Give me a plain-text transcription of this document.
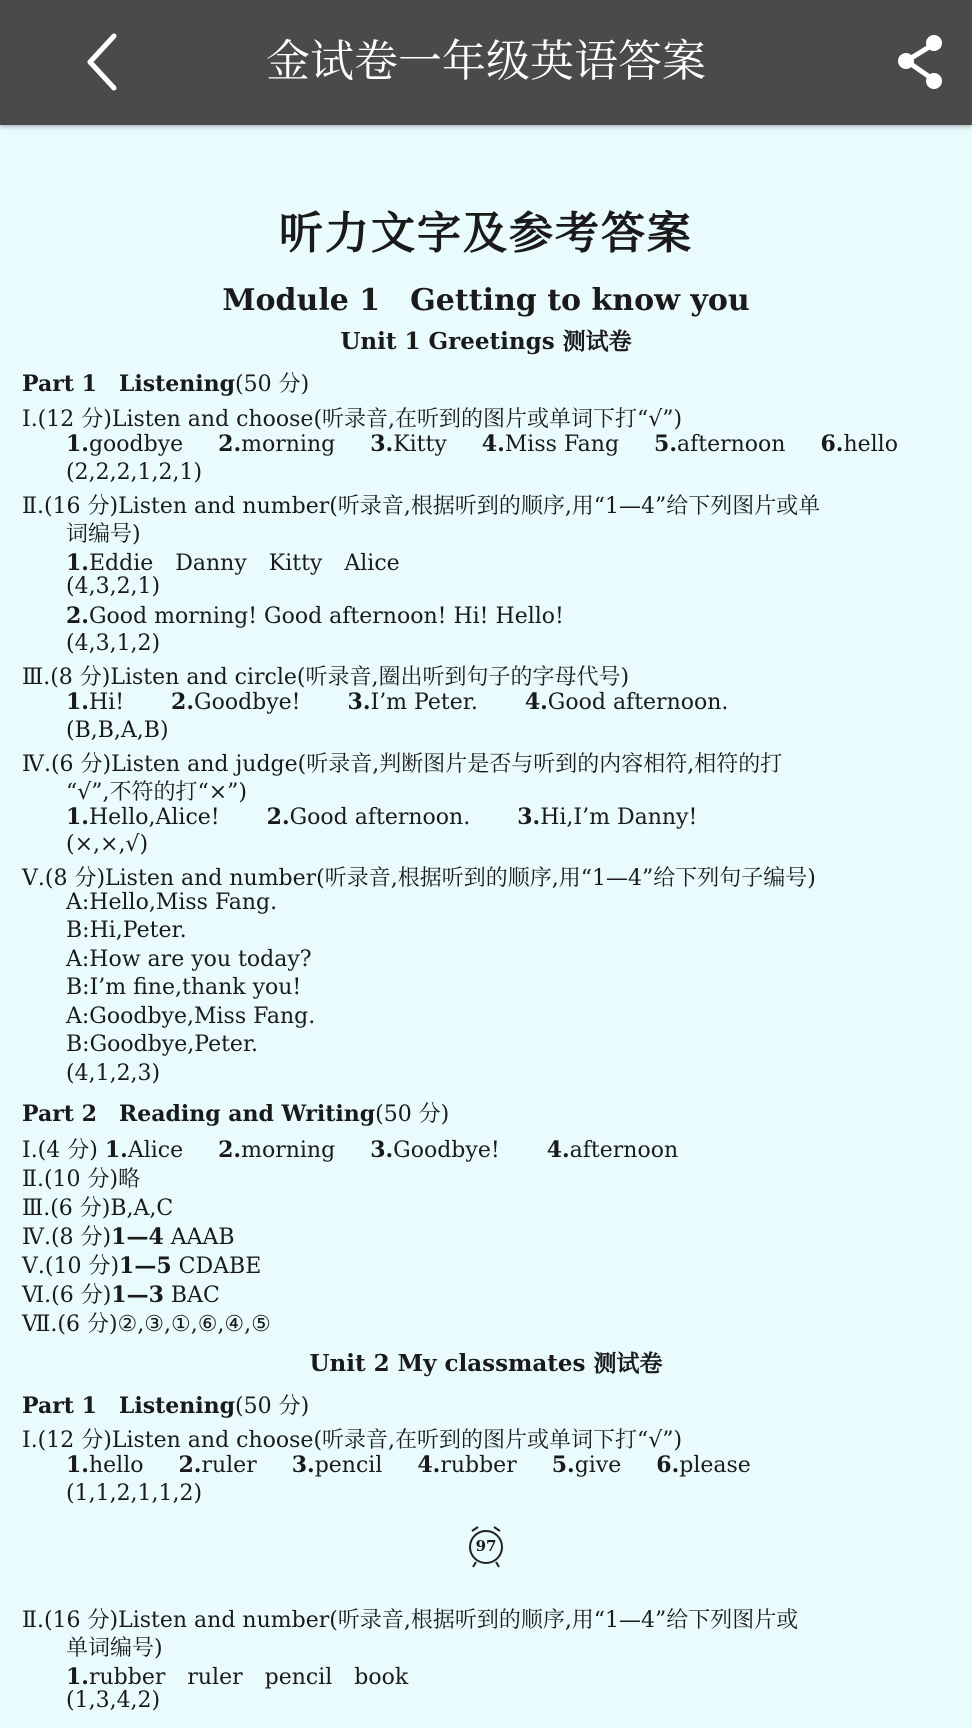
金试卷一年级英语答案
听力文字及参考答案
Module 1　Getting to know you
Unit 1 Greetings 测试卷
Part 1　Listening(50 分)
Ⅰ.(12 分)Listen and choose(听录音,在听到的图片或单词下打“√”)
1.goodbye 2.morning 3.Kitty 4.Miss Fang 5.afternoon 6.hello
(2,2,2,1,2,1)
Ⅱ.(16 分)Listen and number(听录音,根据听到的顺序,用“1—4”给下列图片或单
词编号)
1.Eddie　Danny　Kitty　Alice
(4,3,2,1)
2.Good morning! Good afternoon! Hi! Hello!
(4,3,1,2)
Ⅲ.(8 分)Listen and circle(听录音,圈出听到句子的字母代号)
1.Hi! 2.Goodbye! 3.I’m Peter. 4.Good afternoon.
(B,B,A,B)
Ⅳ.(6 分)Listen and judge(听录音,判断图片是否与听到的内容相符,相符的打
“√”,不符的打“×”)
1.Hello,Alice! 2.Good afternoon. 3.Hi,I’m Danny!
(×,×,√)
Ⅴ.(8 分)Listen and number(听录音,根据听到的顺序,用“1—4”给下列句子编号)
A:Hello,Miss Fang.
B:Hi,Peter.
A:How are you today?
B:I’m fine,thank you!
A:Goodbye,Miss Fang.
B:Goodbye,Peter.
(4,1,2,3)
Part 2　Reading and Writing(50 分)
Ⅰ.(4 分) 1.Alice 2.morning 3.Goodbye! 4.afternoon
Ⅱ.(10 分)略
Ⅲ.(6 分)B,A,C
Ⅳ.(8 分)1—4 AAAB
Ⅴ.(10 分)1—5 CDABE
Ⅵ.(6 分)1—3 BAC
Ⅶ.(6 分)②,③,①,⑥,④,⑤
Unit 2 My classmates 测试卷
Part 1　Listening(50 分)
Ⅰ.(12 分)Listen and choose(听录音,在听到的图片或单词下打“√”)
1.hello 2.ruler 3.pencil 4.rubber 5.give 6.please
(1,1,2,1,1,2)
97
Ⅱ.(16 分)Listen and number(听录音,根据听到的顺序,用“1—4”给下列图片或
单词编号)
1.rubber　ruler　pencil　book
(1,3,4,2)
